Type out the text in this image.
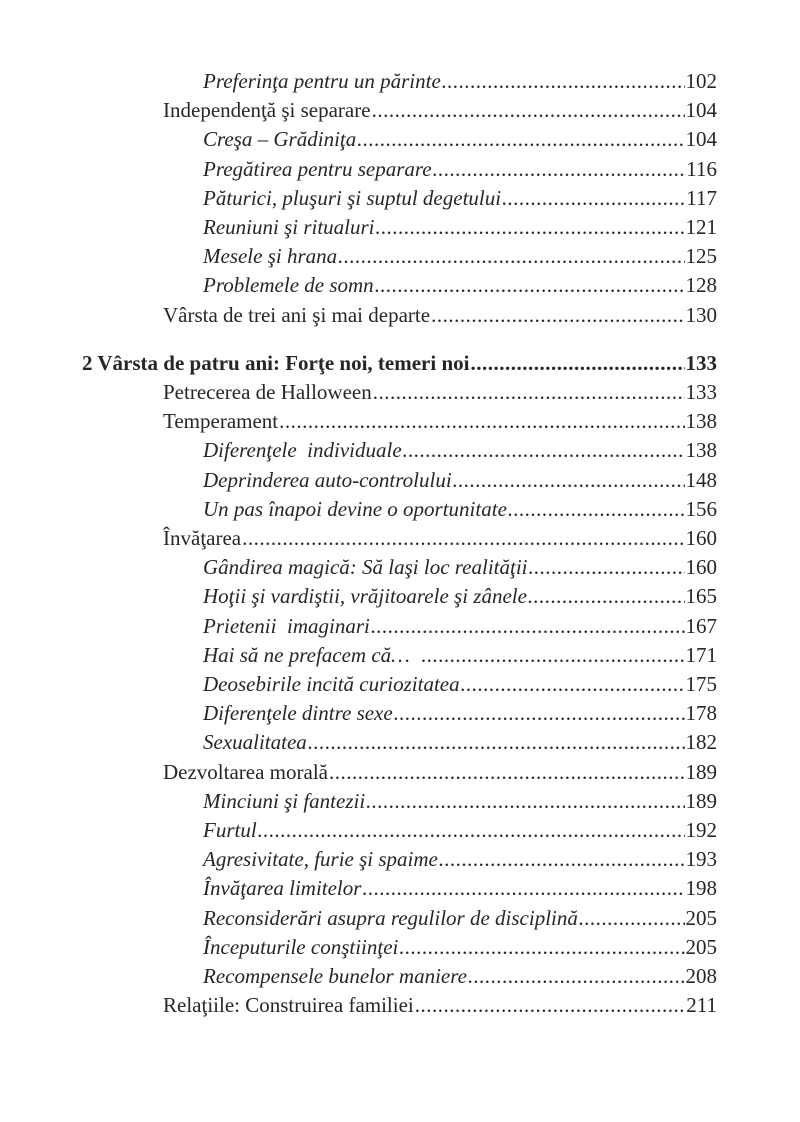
Preferinţa pentru un părinte .....	102
Independenţă şi separare .....	104
Creşa – Grădiniţa .....	104
Pregătirea pentru separare .....	116
Păturici, pluşuri şi suptul degetului .....	117
Reuniuni şi ritualuri .....	121
Mesele şi hrana .....	125
Problemele de somn .....	128
Vârsta de trei ani şi mai departe .....	130
2 Vârsta de patru ani: Forţe noi, temeri noi .....	133
Petrecerea de Halloween .....	133
Temperament .....	138
Diferenţele  individuale .....	138
Deprinderea auto-controlului .....	148
Un pas înapoi devine o oportunitate .....	156
Învăţarea .....	160
Gândirea magică: Să laşi loc realităţii .....	160
Hoţii şi vardiştii, vrăjitoarele şi zânele .....	165
Prietenii  imaginari .....	167
Hai să ne prefacem că… .....	171
Deosebirile incită curiozitatea .....	175
Diferenţele dintre sexe .....	178
Sexualitatea .....	182
Dezvoltarea morală .....	189
Minciuni şi fantezii .....	189
Furtul .....	192
Agresivitate, furie şi spaime .....	193
Învăţarea limitelor .....	198
Reconsiderări asupra regulilor de disciplină .....	205
Începuturile conştiinţei .....	205
Recompensele bunelor maniere .....	208
Relaţiile: Construirea familiei .....	211
